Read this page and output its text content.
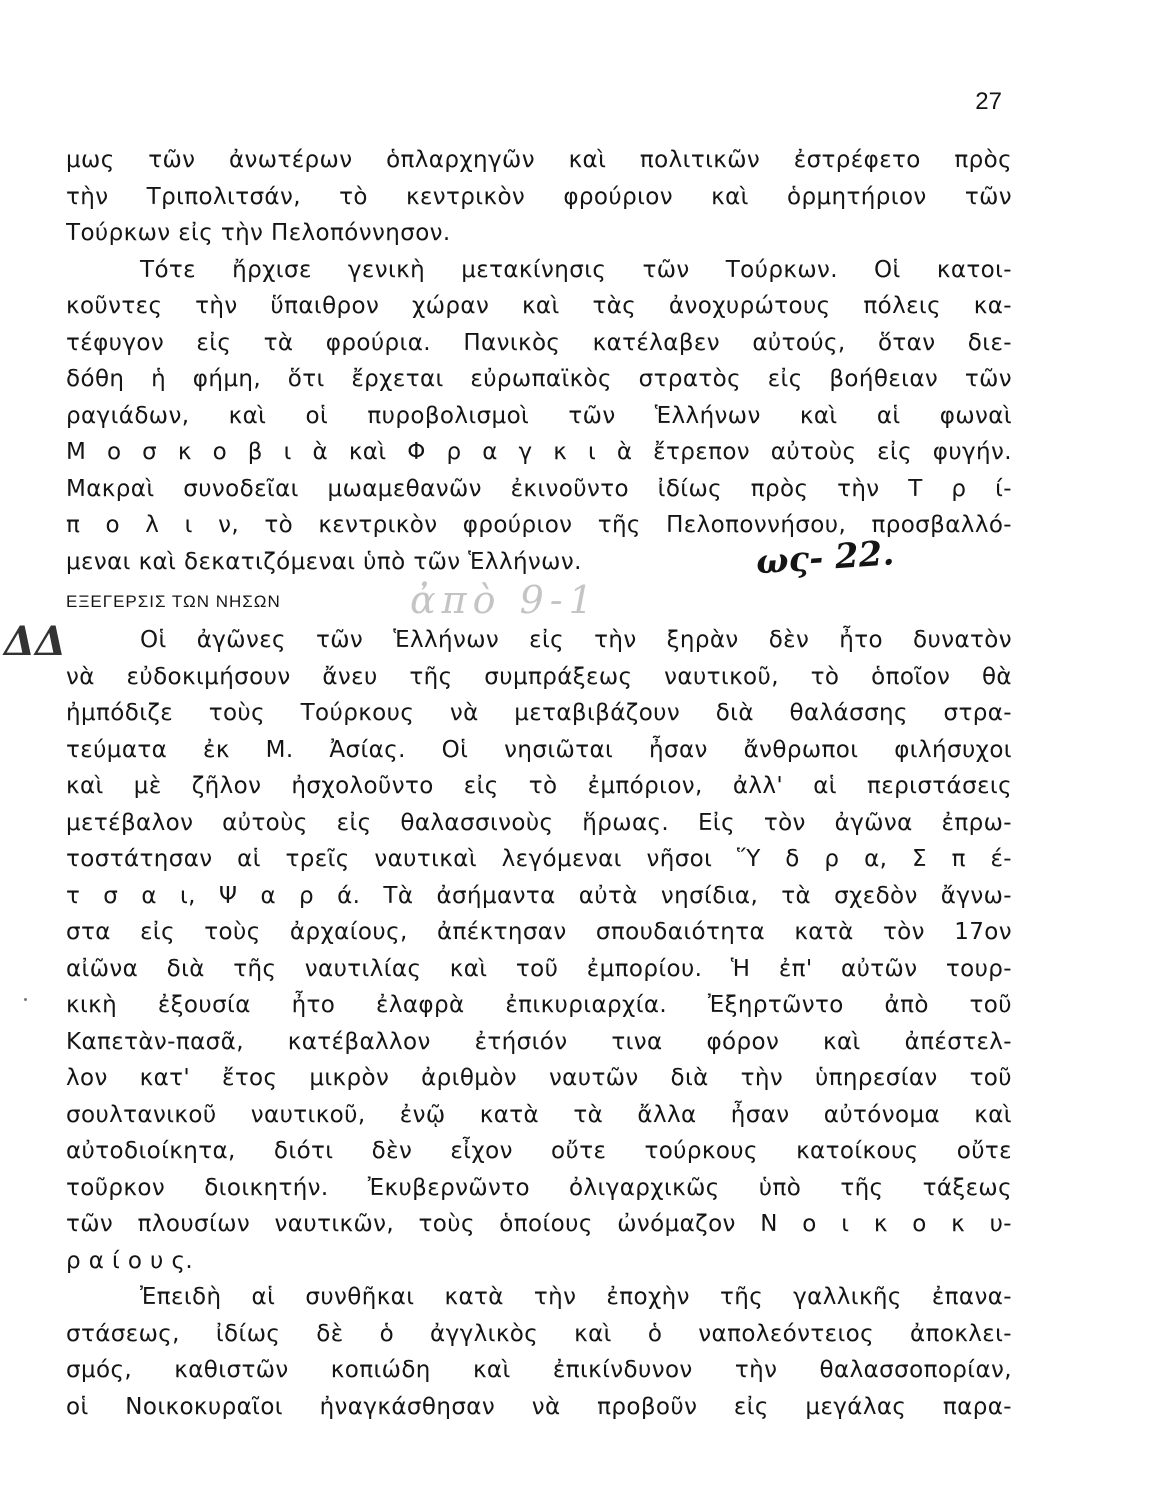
27
μως τῶν ἀνωτέρων ὁπλαρχηγῶν καὶ πολιτικῶν ἐστρέφετο πρὸς
τὴν Τριπολιτσάν, τὸ κεντρικὸν φρούριον καὶ ὁρμητήριον τῶν
Τούρκων εἰς τὴν Πελοπόννησον.
Τότε ἤρχισε γενικὴ μετακίνησις τῶν Τούρκων. Οἱ κατοι-
κοῦντες τὴν ὕπαιθρον χώραν καὶ τὰς ἀνοχυρώτους πόλεις κα-
τέφυγον εἰς τὰ φρούρια. Πανικὸς κατέλαβεν αὐτούς, ὅταν διε-
δόθη ἡ φήμη, ὅτι ἔρχεται εὐρωπαϊκὸς στρατὸς εἰς βοήθειαν τῶν
ραγιάδων, καὶ οἱ πυροβολισμοὶ τῶν Ἑλλήνων καὶ αἱ φωναὶ
Μ ο σ κ ο β ι ὰ καὶ Φ ρ α γ κ ι ὰ ἔτρεπον αὐτοὺς εἰς φυγήν.
Μακραὶ συνοδεῖαι μωαμεθανῶν ἐκινοῦντο ἰδίως πρὸς τὴν Τ ρ ί-
π ο λ ι ν, τὸ κεντρικὸν φρούριον τῆς Πελοποννήσου, προσβαλλό-
μεναι καὶ δεκατιζόμεναι ὑπὸ τῶν Ἑλλήνων.	ως- 22.
ἀπὸ 9-1
ΕΞΕΓΕΡΣΙΣ ΤΩΝ ΝΗΣΩΝ
ΔΔ	Οἱ ἀγῶνες τῶν Ἑλλήνων εἰς τὴν ξηρὰν δὲν ἦτο δυνατὸν
νὰ εὐδοκιμήσουν ἄνευ τῆς συμπράξεως ναυτικοῦ, τὸ ὁποῖον θὰ
ἠμπόδιζε τοὺς Τούρκους νὰ μεταβιβάζουν διὰ θαλάσσης στρα-
τεύματα ἐκ Μ. Ἀσίας. Οἱ νησιῶται ἦσαν ἄνθρωποι φιλήσυχοι
καὶ μὲ ζῆλον ἠσχολοῦντο εἰς τὸ ἐμπόριον, ἀλλ' αἱ περιστάσεις
μετέβαλον αὐτοὺς εἰς θαλασσινοὺς ἥρωας. Εἰς τὸν ἀγῶνα ἐπρω-
τοστάτησαν αἱ τρεῖς ναυτικαὶ λεγόμεναι νῆσοι Ὕ δ ρ α, Σ π έ-
τ σ α ι, Ψ α ρ ά. Τὰ ἀσήμαντα αὐτὰ νησίδια, τὰ σχεδὸν ἄγνω-
στα εἰς τοὺς ἀρχαίους, ἀπέκτησαν σπουδαιότητα κατὰ τὸν 17ον
αἰῶνα διὰ τῆς ναυτιλίας καὶ τοῦ ἐμπορίου. Ἡ ἐπ' αὐτῶν τουρ-
κικὴ ἐξουσία ἦτο ἐλαφρὰ ἐπικυριαρχία. Ἐξηρτῶντο ἀπὸ τοῦ
Καπετὰν-πασᾶ, κατέβαλλον ἐτήσιόν τινα φόρον καὶ ἀπέστελ-
λον κατ' ἔτος μικρὸν ἀριθμὸν ναυτῶν διὰ τὴν ὑπηρεσίαν τοῦ
σουλτανικοῦ ναυτικοῦ, ἐνῷ κατὰ τὰ ἄλλα ἦσαν αὐτόνομα καὶ
αὐτοδιοίκητα, διότι δὲν εἶχον οὔτε τούρκους κατοίκους οὔτε
τοῦρκον διοικητήν. Ἐκυβερνῶντο ὀλιγαρχικῶς ὑπὸ τῆς τάξεως
τῶν πλουσίων ναυτικῶν, τοὺς ὁποίους ὠνόμαζον Ν ο ι κ ο κ υ-
ρ α ί ο υ ς.
Ἐπειδὴ αἱ συνθῆκαι κατὰ τὴν ἐποχὴν τῆς γαλλικῆς ἐπανα-
στάσεως, ἰδίως δὲ ὁ ἀγγλικὸς καὶ ὁ ναπολεόντειος ἀποκλει-
σμός, καθιστῶν κοπιώδη καὶ ἐπικίνδυνον τὴν θαλασσοπορίαν,
οἱ Νοικοκυραῖοι ἠναγκάσθησαν νὰ προβοῦν εἰς μεγάλας παρα-
